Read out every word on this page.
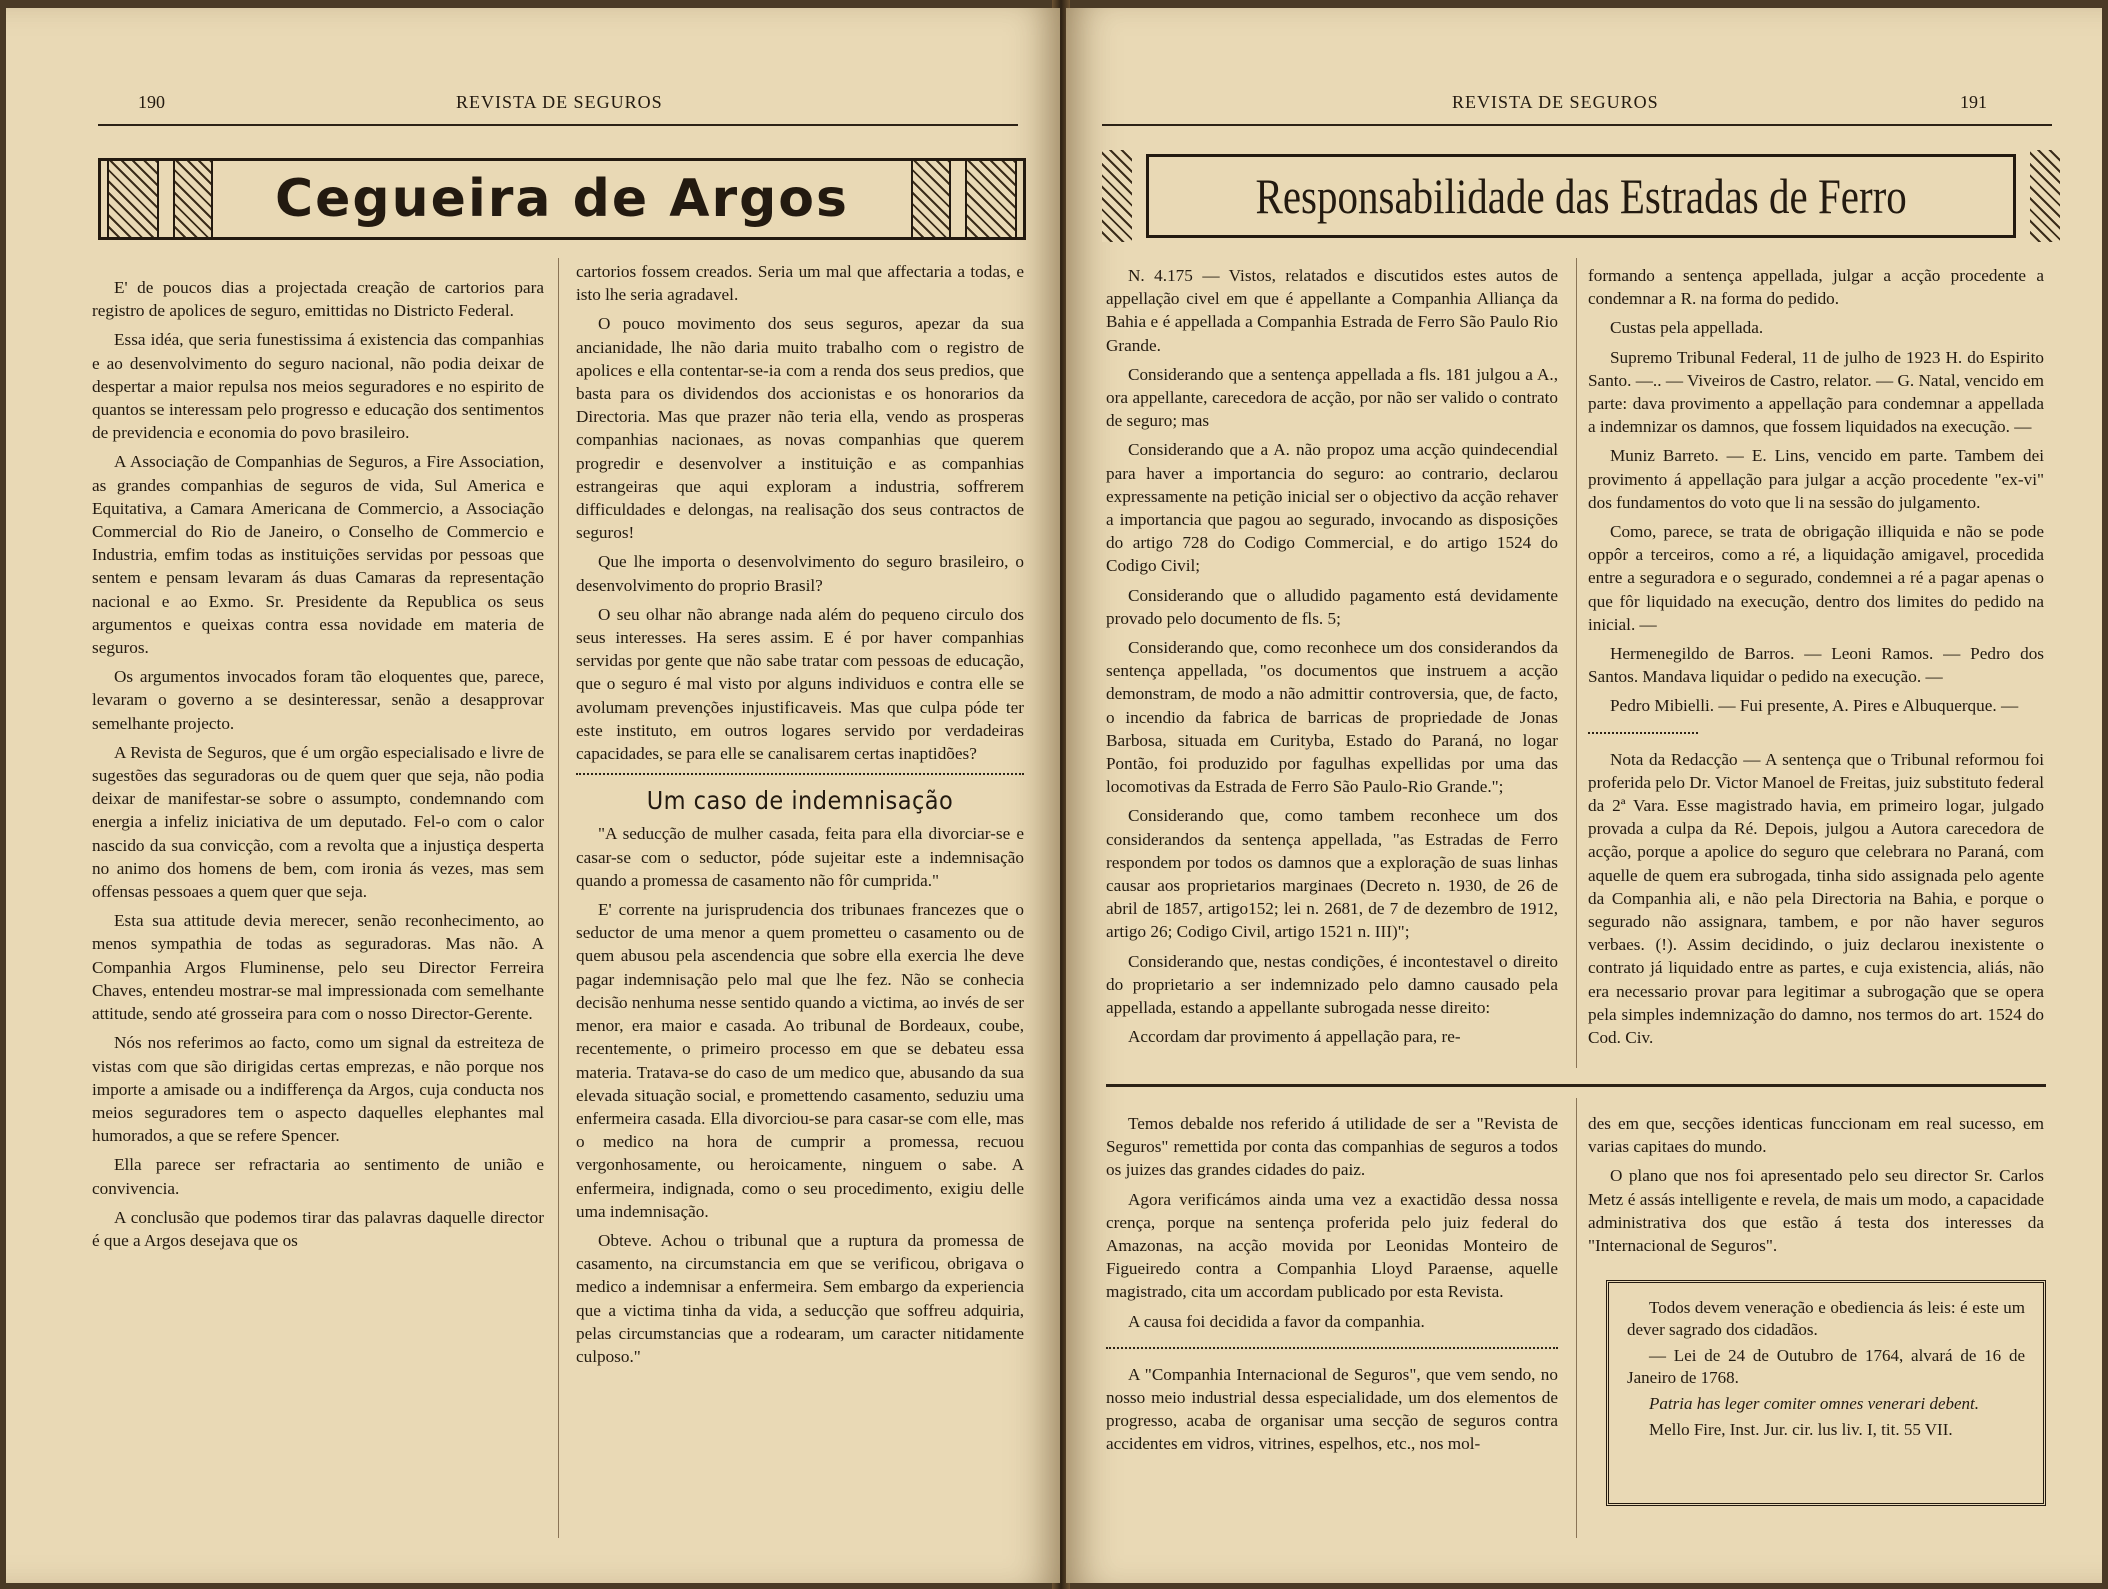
190	REVISTA DE SEGUROS
Cegueira de Argos

E' de poucos dias a projectada creação de cartorios para registro de apolices de seguro, emittidas no Districto Federal.

Essa idéa, que seria funestissima á existencia das companhias e ao desenvolvimento do seguro nacional, não podia deixar de despertar a maior repulsa nos meios seguradores e no espirito de quantos se interessam pelo progresso e educação dos sentimentos de previdencia e economia do povo brasileiro.

A Associação de Companhias de Seguros, a Fire Association, as grandes companhias de seguros de vida, Sul America e Equitativa, a Camara Americana de Commercio, a Associação Commercial do Rio de Janeiro, o Conselho de Commercio e Industria, emfim todas as instituições servidas por pessoas que sentem e pensam levaram ás duas Camaras da representação nacional e ao Exmo. Sr. Presidente da Republica os seus argumentos e queixas contra essa novidade em materia de seguros.

Os argumentos invocados foram tão eloquentes que, parece, levaram o governo a se desinteressar, senão a desapprovar semelhante projecto.

A Revista de Seguros, que é um orgão especialisado e livre de sugestões das seguradoras ou de quem quer que seja, não podia deixar de manifestar-se sobre o assumpto, condemnando com energia a infeliz iniciativa de um deputado. Fel-o com o calor nascido da sua convicção, com a revolta que a injustiça desperta no animo dos homens de bem, com ironia ás vezes, mas sem offensas pessoaes a quem quer que seja.

Esta sua attitude devia merecer, senão reconhecimento, ao menos sympathia de todas as seguradoras. Mas não. A Companhia Argos Fluminense, pelo seu Director Ferreira Chaves, entendeu mostrar-se mal impressionada com semelhante attitude, sendo até grosseira para com o nosso Director-Gerente.

Nós nos referimos ao facto, como um signal da estreiteza de vistas com que são dirigidas certas emprezas, e não porque nos importe a amisade ou a indifferença da Argos, cuja conducta nos meios seguradores tem o aspecto daquelles elephantes mal humorados, a que se refere Spencer.

Ella parece ser refractaria ao sentimento de união e convivencia.

A conclusão que podemos tirar das palavras daquelle director é que a Argos desejava que os

cartorios fossem creados. Seria um mal que affectaria a todas, e isto lhe seria agradavel.

O pouco movimento dos seus seguros, apezar da sua ancianidade, lhe não daria muito trabalho com o registro de apolices e ella contentar-se-ia com a renda dos seus predios, que basta para os dividendos dos accionistas e os honorarios da Directoria. Mas que prazer não teria ella, vendo as prosperas companhias nacionaes, as novas companhias que querem progredir e desenvolver a instituição e as companhias estrangeiras que aqui exploram a industria, soffrerem difficuldades e delongas, na realisação dos seus contractos de seguros!

Que lhe importa o desenvolvimento do seguro brasileiro, o desenvolvimento do proprio Brasil?

O seu olhar não abrange nada além do pequeno circulo dos seus interesses. Ha seres assim. E é por haver companhias servidas por gente que não sabe tratar com pessoas de educação, que o seguro é mal visto por alguns individuos e contra elle se avolumam prevenções injustificaveis. Mas que culpa póde ter este instituto, em outros logares servido por verdadeiras capacidades, se para elle se canalisarem certas inaptidões?

Um caso de indemnisação

"A seducção de mulher casada, feita para ella divorciar-se e casar-se com o seductor, póde sujeitar este a indemnisação quando a promessa de casamento não fôr cumprida."

E' corrente na jurisprudencia dos tribunaes francezes que o seductor de uma menor a quem prometteu o casamento ou de quem abusou pela ascendencia que sobre ella exercia lhe deve pagar indemnisação pelo mal que lhe fez. Não se conhecia decisão nenhuma nesse sentido quando a victima, ao invés de ser menor, era maior e casada. Ao tribunal de Bordeaux, coube, recentemente, o primeiro processo em que se debateu essa materia. Tratava-se do caso de um medico que, abusando da sua elevada situação social, e promettendo casamento, seduziu uma enfermeira casada. Ella divorciou-se para casar-se com elle, mas o medico na hora de cumprir a promessa, recuou vergonhosamente, ou heroicamente, ninguem o sabe. A enfermeira, indignada, como o seu procedimento, exigiu delle uma indemnisação.

Obteve. Achou o tribunal que a ruptura da promessa de casamento, na circumstancia em que se verificou, obrigava o medico a indemnisar a enfermeira. Sem embargo da experiencia que a victima tinha da vida, a seducção que soffreu adquiria, pelas circumstancias que a rodearam, um caracter nitidamente culposo."

REVISTA DE SEGUROS	191
Responsabilidade das Estradas de Ferro

N. 4.175 — Vistos, relatados e discutidos estes autos de appellação civel em que é appellante a Companhia Alliança da Bahia e é appellada a Companhia Estrada de Ferro São Paulo Rio Grande.

Considerando que a sentença appellada a fls. 181 julgou a A., ora appellante, carecedora de acção, por não ser valido o contrato de seguro; mas

Considerando que a A. não propoz uma acção quindecendial para haver a importancia do seguro: ao contrario, declarou expressamente na petição inicial ser o objectivo da acção rehaver a importancia que pagou ao segurado, invocando as disposições do artigo 728 do Codigo Commercial, e do artigo 1524 do Codigo Civil;

Considerando que o alludido pagamento está devidamente provado pelo documento de fls. 5;

Considerando que, como reconhece um dos considerandos da sentença appellada, "os documentos que instruem a acção demonstram, de modo a não admittir controversia, que, de facto, o incendio da fabrica de barricas de propriedade de Jonas Barbosa, situada em Curityba, Estado do Paraná, no logar Pontão, foi produzido por fagulhas expellidas por uma das locomotivas da Estrada de Ferro São Paulo-Rio Grande.";

Considerando que, como tambem reconhece um dos considerandos da sentença appellada, "as Estradas de Ferro respondem por todos os damnos que a exploração de suas linhas causar aos proprietarios marginaes (Decreto n. 1930, de 26 de abril de 1857, artigo152; lei n. 2681, de 7 de dezembro de 1912, artigo 26; Codigo Civil, artigo 1521 n. III)";

Considerando que, nestas condições, é incontestavel o direito do proprietario a ser indemnizado pelo damno causado pela appellada, estando a appellante subrogada nesse direito:

Accordam dar provimento á appellação para, re-

formando a sentença appellada, julgar a acção procedente a condemnar a R. na forma do pedido.

Custas pela appellada.

Supremo Tribunal Federal, 11 de julho de 1923 H. do Espirito Santo. —.. — Viveiros de Castro, relator. — G. Natal, vencido em parte: dava provimento a appellação para condemnar a appellada a indemnizar os damnos, que fossem liquidados na execução. —

Muniz Barreto. — E. Lins, vencido em parte. Tambem dei provimento á appellação para julgar a acção procedente "ex-vi" dos fundamentos do voto que li na sessão do julgamento.

Como, parece, se trata de obrigação illiquida e não se pode oppôr a terceiros, como a ré, a liquidação amigavel, procedida entre a seguradora e o segurado, condemnei a ré a pagar apenas o que fôr liquidado na execução, dentro dos limites do pedido na inicial. —

Hermenegildo de Barros. — Leoni Ramos. — Pedro dos Santos. Mandava liquidar o pedido na execução. —

Pedro Mibielli. — Fui presente, A. Pires e Albuquerque. —

Nota da Redacção — A sentença que o Tribunal reformou foi proferida pelo Dr. Victor Manoel de Freitas, juiz substituto federal da 2ª Vara. Esse magistrado havia, em primeiro logar, julgado provada a culpa da Ré. Depois, julgou a Autora carecedora de acção, porque a apolice do seguro que celebrara no Paraná, com aquelle de quem era subrogada, tinha sido assignada pelo agente da Companhia ali, e não pela Directoria na Bahia, e porque o segurado não assignara, tambem, e por não haver seguros verbaes. (!). Assim decidindo, o juiz declarou inexistente o contrato já liquidado entre as partes, e cuja existencia, aliás, não era necessario provar para legitimar a subrogação que se opera pela simples indemnização do damno, nos termos do art. 1524 do Cod. Civ.

Temos debalde nos referido á utilidade de ser a "Revista de Seguros" remettida por conta das companhias de seguros a todos os juizes das grandes cidades do paiz.

Agora verificámos ainda uma vez a exactidão dessa nossa crença, porque na sentença proferida pelo juiz federal do Amazonas, na acção movida por Leonidas Monteiro de Figueiredo contra a Companhia Lloyd Paraense, aquelle magistrado, cita um accordam publicado por esta Revista.

A causa foi decidida a favor da companhia.

A "Companhia Internacional de Seguros", que vem sendo, no nosso meio industrial dessa especialidade, um dos elementos de progresso, acaba de organisar uma secção de seguros contra accidentes em vidros, vitrines, espelhos, etc., nos mol-

des em que, secções identicas funccionam em real sucesso, em varias capitaes do mundo.

O plano que nos foi apresentado pelo seu director Sr. Carlos Metz é assás intelligente e revela, de mais um modo, a capacidade administrativa dos que estão á testa dos interesses da "Internacional de Seguros".

Todos devem veneração e obediencia ás leis: é este um dever sagrado dos cidadãos.

— Lei de 24 de Outubro de 1764, alvará de 16 de Janeiro de 1768.

Patria has leger comiter omnes venerari debent.

Mello Fire, Inst. Jur. cir. lus liv. I, tit. 55 VII.
